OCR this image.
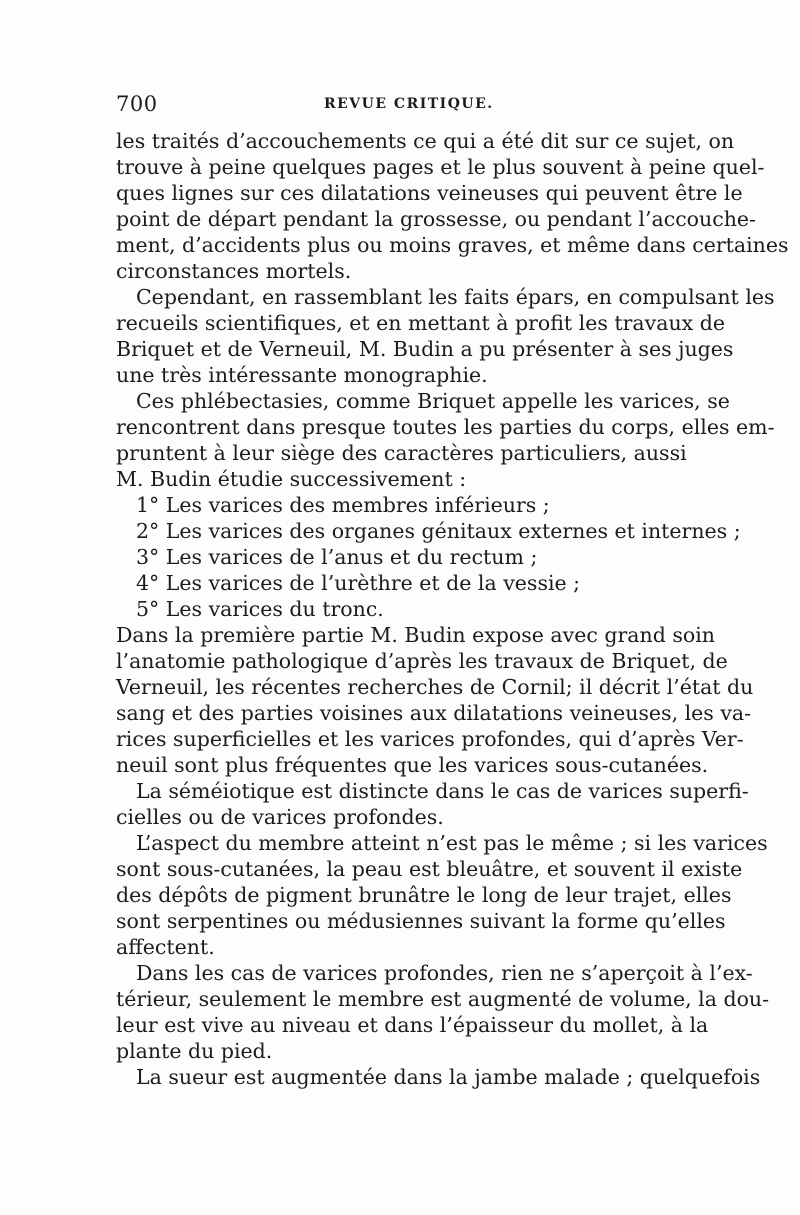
700	REVUE CRITIQUE.
les traités d’accouchements ce qui a été dit sur ce sujet, on
trouve à peine quelques pages et le plus souvent à peine quel-
ques lignes sur ces dilatations veineuses qui peuvent être le
point de départ pendant la grossesse, ou pendant l’accouche-
ment, d’accidents plus ou moins graves, et même dans certaines
circonstances mortels.
Cependant, en rassemblant les faits épars, en compulsant les
recueils scientifiques, et en mettant à profit les travaux de
Briquet et de Verneuil, M. Budin a pu présenter à ses juges
une très intéressante monographie.
Ces phlébectasies, comme Briquet appelle les varices, se
rencontrent dans presque toutes les parties du corps, elles em-
pruntent à leur siège des caractères particuliers, aussi
M. Budin étudie successivement :
1° Les varices des membres inférieurs ;
2° Les varices des organes génitaux externes et internes ;
3° Les varices de l’anus et du rectum ;
4° Les varices de l’urèthre et de la vessie ;
5° Les varices du tronc.
Dans la première partie M. Budin expose avec grand soin
l’anatomie pathologique d’après les travaux de Briquet, de
Verneuil, les récentes recherches de Cornil; il décrit l’état du
sang et des parties voisines aux dilatations veineuses, les va-
rices superficielles et les varices profondes, qui d’après Ver-
neuil sont plus fréquentes que les varices sous-cutanées.
La séméiotique est distincte dans le cas de varices superfi-
cielles ou de varices profondes.
L’aspect du membre atteint n’est pas le même ; si les varices
sont sous-cutanées, la peau est bleuâtre, et souvent il existe
des dépôts de pigment brunâtre le long de leur trajet, elles
sont serpentines ou médusiennes suivant la forme qu’elles
affectent.
Dans les cas de varices profondes, rien ne s’aperçoit à l’ex-
térieur, seulement le membre est augmenté de volume, la dou-
leur est vive au niveau et dans l’épaisseur du mollet, à la
plante du pied.
La sueur est augmentée dans la jambe malade ; quelquefois
